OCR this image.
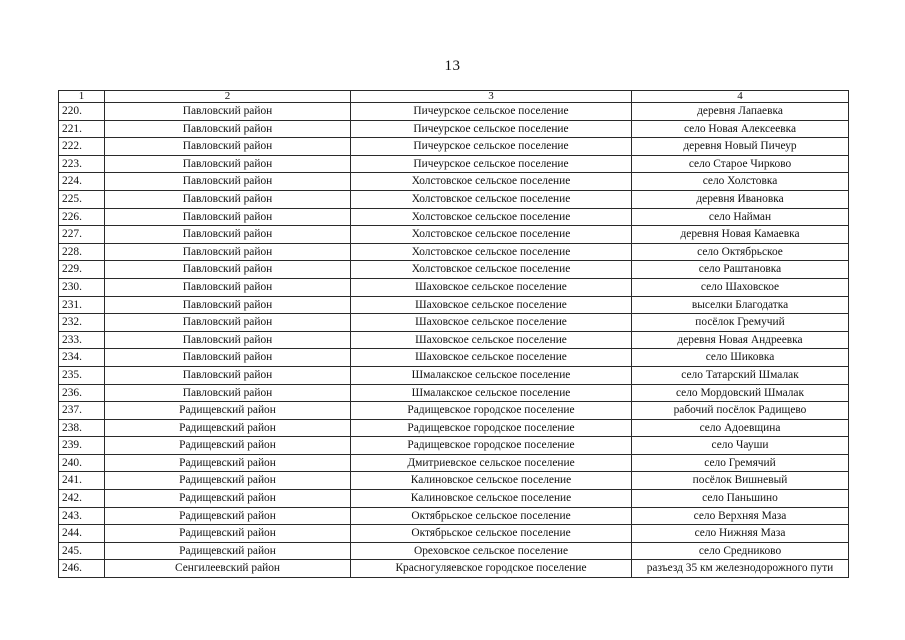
13
1	2	3	4
220.	Павловский район	Пичеурское сельское поселение	деревня Лапаевка
221.	Павловский район	Пичеурское сельское поселение	село Новая Алексеевка
222.	Павловский район	Пичеурское сельское поселение	деревня Новый Пичеур
223.	Павловский район	Пичеурское сельское поселение	село Старое Чирково
224.	Павловский район	Холстовское сельское поселение	село Холстовка
225.	Павловский район	Холстовское сельское поселение	деревня Ивановка
226.	Павловский район	Холстовское сельское поселение	село Найман
227.	Павловский район	Холстовское сельское поселение	деревня Новая Камаевка
228.	Павловский район	Холстовское сельское поселение	село Октябрьское
229.	Павловский район	Холстовское сельское поселение	село Раштановка
230.	Павловский район	Шаховское сельское поселение	село Шаховское
231.	Павловский район	Шаховское сельское поселение	выселки Благодатка
232.	Павловский район	Шаховское сельское поселение	посёлок Гремучий
233.	Павловский район	Шаховское сельское поселение	деревня Новая Андреевка
234.	Павловский район	Шаховское сельское поселение	село Шиковка
235.	Павловский район	Шмалакское сельское поселение	село Татарский Шмалак
236.	Павловский район	Шмалакское сельское поселение	село Мордовский Шмалак
237.	Радищевский район	Радищевское городское поселение	рабочий посёлок Радищево
238.	Радищевский район	Радищевское городское поселение	село Адоевщина
239.	Радищевский район	Радищевское городское поселение	село Чауши
240.	Радищевский район	Дмитриевское сельское поселение	село Гремячий
241.	Радищевский район	Калиновское сельское поселение	посёлок Вишневый
242.	Радищевский район	Калиновское сельское поселение	село Паньшино
243.	Радищевский район	Октябрьское сельское поселение	село Верхняя Маза
244.	Радищевский район	Октябрьское сельское поселение	село Нижняя Маза
245.	Радищевский район	Ореховское сельское поселение	село Средниково
246.	Сенгилеевский район	Красногуляевское городское поселение	разъезд 35 км железнодорожного пути
